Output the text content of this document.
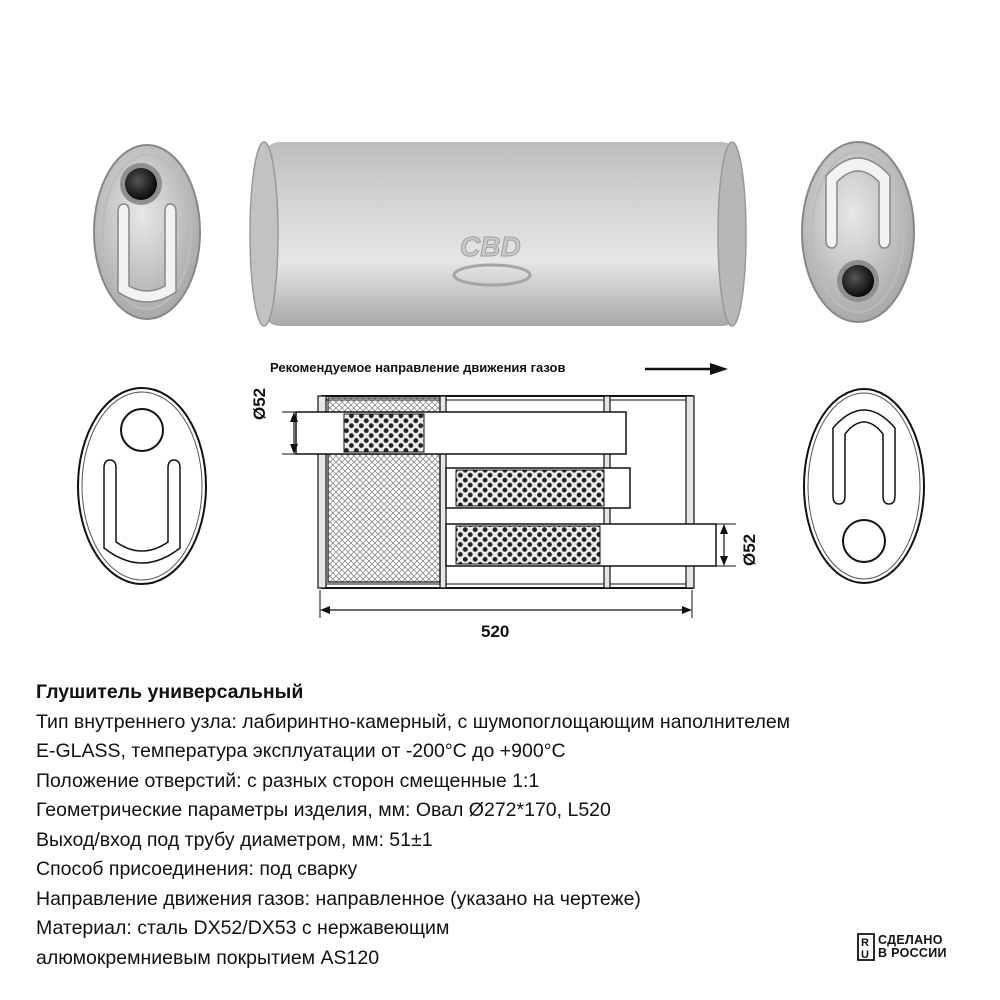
CBD
R
U
Рекомендуемое направление движения газов
Ø52
Ø52
520
Глушитель универсальный
Тип внутреннего узла: лабиринтно-камерный, с шумопоглощающим наполнителем
E-GLASS, температура эксплуатации от -200°С до +900°С
Положение отверстий: с разных сторон смещенные 1:1
Геометрические параметры изделия, мм: Овал Ø272*170, L520
Выход/вход под трубу диаметром, мм: 51±1
Способ присоединения: под сварку
Направление движения газов: направленное (указано на чертеже)
Материал: сталь DX52/DX53 с нержавеющим
алюмокремниевым покрытием AS120
СДЕЛАНО
В РОССИИ
